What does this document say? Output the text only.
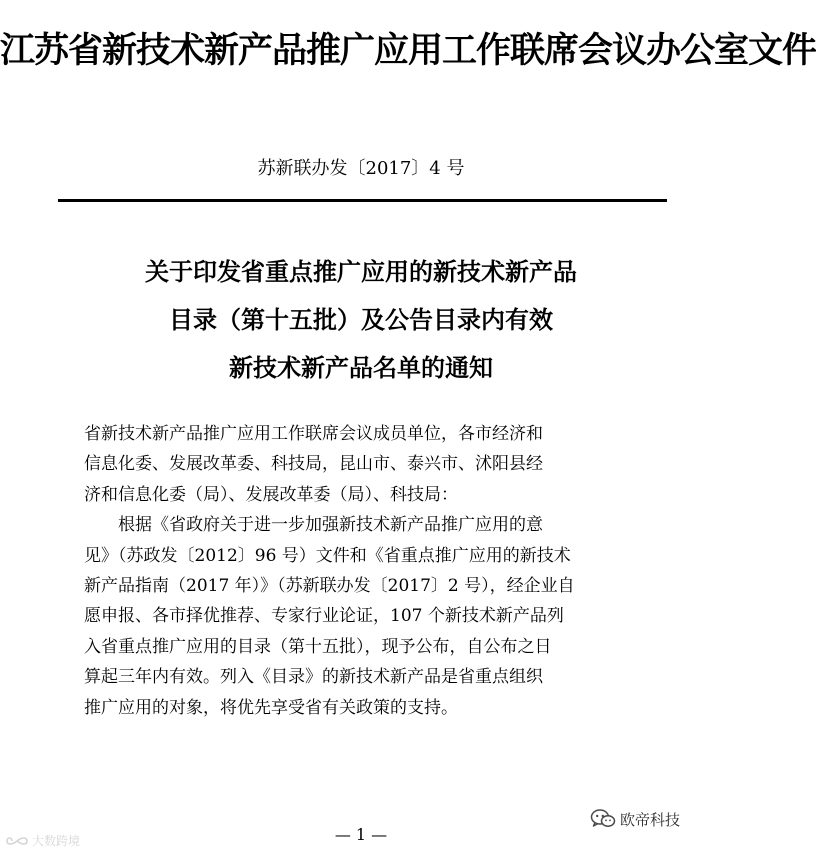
江苏省新技术新产品推广应用工作联席会议办公室文件
苏新联办发〔2017〕4 号
关于印发省重点推广应用的新技术新产品
目录（第十五批）及公告目录内有效
新技术新产品名单的通知

省新技术新产品推广应用工作联席会议成员单位，各市经济和
信息化委、发展改革委、科技局，昆山市、泰兴市、沭阳县经
济和信息化委（局）、发展改革委（局）、科技局：

　　根据《省政府关于进一步加强新技术新产品推广应用的意
见》（苏政发〔2012〕96 号）文件和《省重点推广应用的新技术
新产品指南（2017 年）》（苏新联办发〔2017〕2 号），经企业自
愿申报、各市择优推荐、专家行业论证，107 个新技术新产品列
入省重点推广应用的目录（第十五批），现予公布，自公布之日
算起三年内有效。列入《目录》的新技术新产品是省重点组织
推广应用的对象，将优先享受省有关政策的支持。

— 1 —
大数跨境
欧帝科技
